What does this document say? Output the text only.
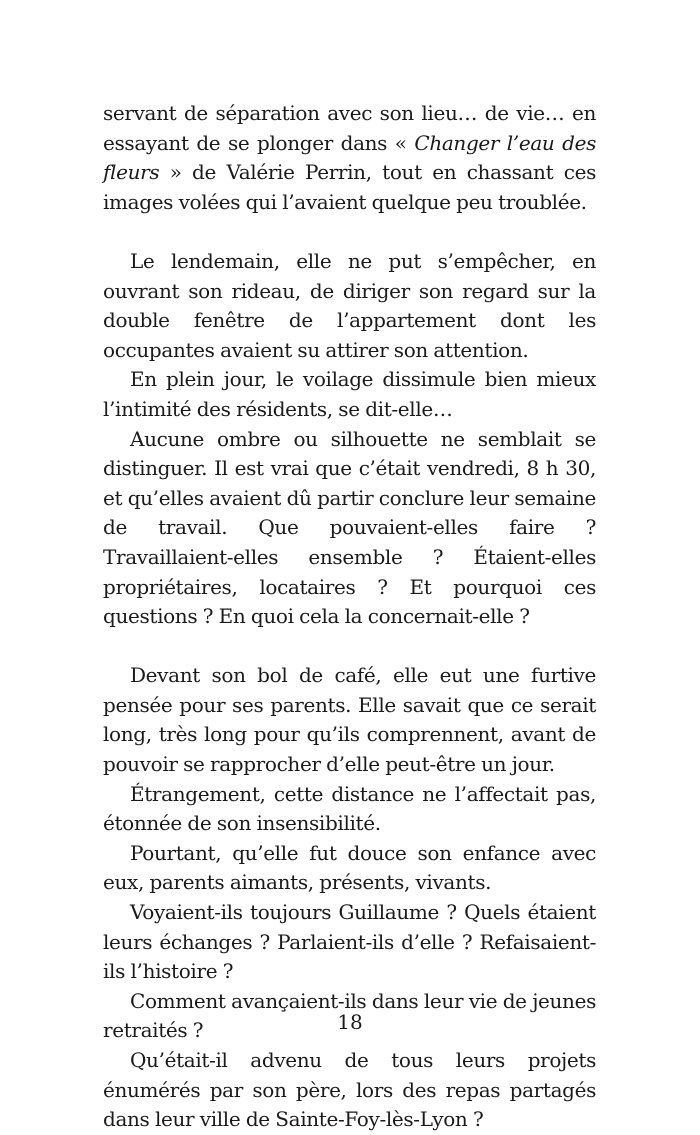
servant de séparation avec son lieu… de vie… en essayant de se plonger dans « Changer l’eau des fleurs » de Valérie Perrin, tout en chassant ces images volées qui l’avaient quelque peu troublée.

Le lendemain, elle ne put s’empêcher, en ouvrant son rideau, de diriger son regard sur la double fenêtre de l’appartement dont les occupantes avaient su attirer son attention.

En plein jour, le voilage dissimule bien mieux l’intimité des résidents, se dit-elle…

Aucune ombre ou silhouette ne semblait se distinguer. Il est vrai que c’était vendredi, 8 h 30, et qu’elles avaient dû partir conclure leur semaine de travail. Que pouvaient-elles faire ? Travaillaient-elles ensemble ? Étaient-elles propriétaires, locataires ? Et pourquoi ces questions ? En quoi cela la concernait-elle ?

Devant son bol de café, elle eut une furtive pensée pour ses parents. Elle savait que ce serait long, très long pour qu’ils comprennent, avant de pouvoir se rapprocher d’elle peut-être un jour.

Étrangement, cette distance ne l’affectait pas, étonnée de son insensibilité.

Pourtant, qu’elle fut douce son enfance avec eux, parents aimants, présents, vivants.

Voyaient-ils toujours Guillaume ? Quels étaient leurs échanges ? Parlaient-ils d’elle ? Refaisaient-ils l’histoire ?

Comment avançaient-ils dans leur vie de jeunes retraités ?

Qu’était-il advenu de tous leurs projets énumérés par son père, lors des repas partagés dans leur ville de Sainte-Foy-lès-Lyon ?

18
